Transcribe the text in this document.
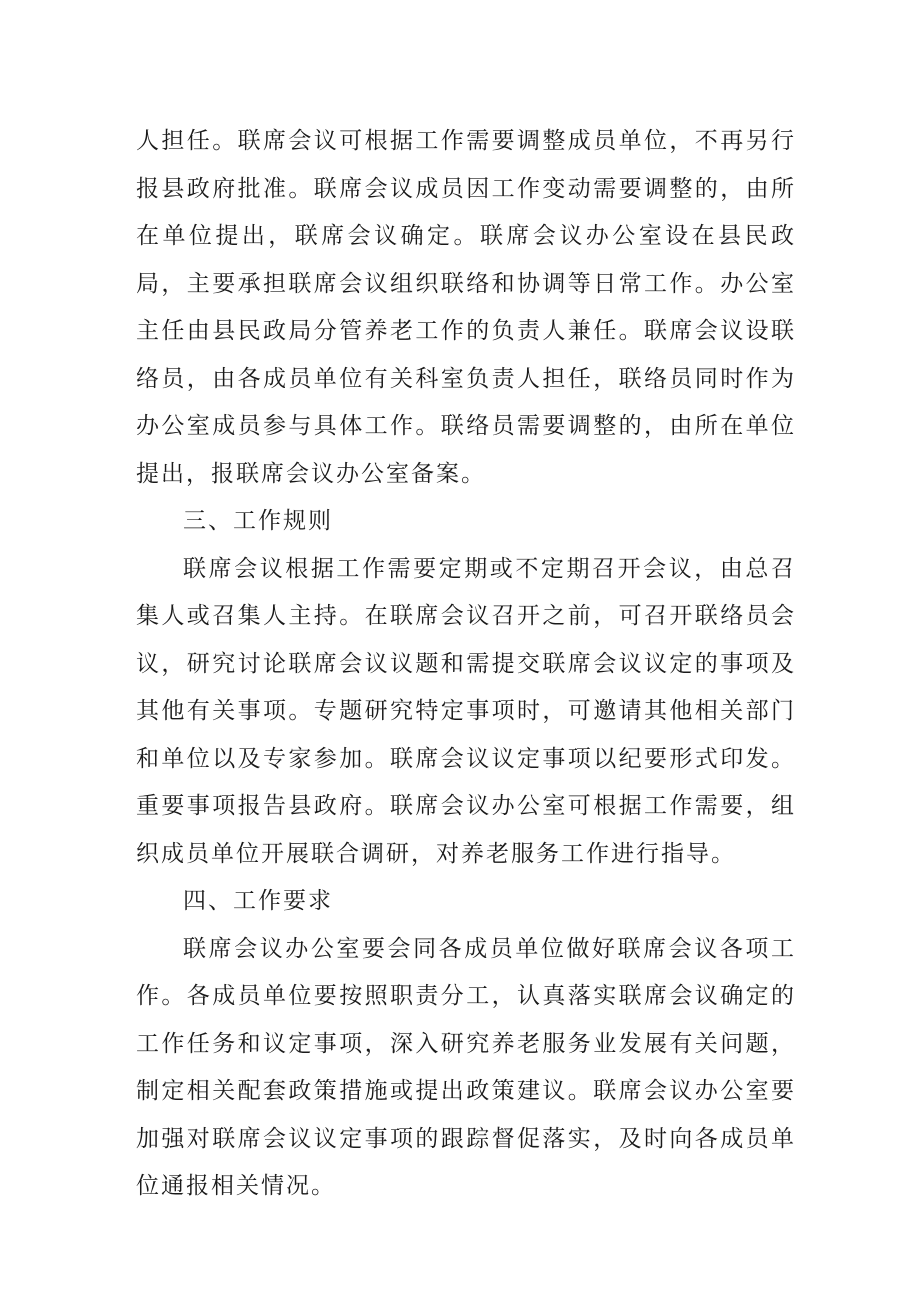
人担任。联席会议可根据工作需要调整成员单位，不再另行报县政府批准。联席会议成员因工作变动需要调整的，由所在单位提出，联席会议确定。联席会议办公室设在县民政局，主要承担联席会议组织联络和协调等日常工作。办公室主任由县民政局分管养老工作的负责人兼任。联席会议设联络员，由各成员单位有关科室负责人担任，联络员同时作为办公室成员参与具体工作。联络员需要调整的，由所在单位提出，报联席会议办公室备案。

三、工作规则

联席会议根据工作需要定期或不定期召开会议，由总召集人或召集人主持。在联席会议召开之前，可召开联络员会议，研究讨论联席会议议题和需提交联席会议议定的事项及其他有关事项。专题研究特定事项时，可邀请其他相关部门和单位以及专家参加。联席会议议定事项以纪要形式印发。重要事项报告县政府。联席会议办公室可根据工作需要，组织成员单位开展联合调研，对养老服务工作进行指导。

四、工作要求

联席会议办公室要会同各成员单位做好联席会议各项工作。各成员单位要按照职责分工，认真落实联席会议确定的工作任务和议定事项，深入研究养老服务业发展有关问题，制定相关配套政策措施或提出政策建议。联席会议办公室要加强对联席会议议定事项的跟踪督促落实，及时向各成员单位通报相关情况。
